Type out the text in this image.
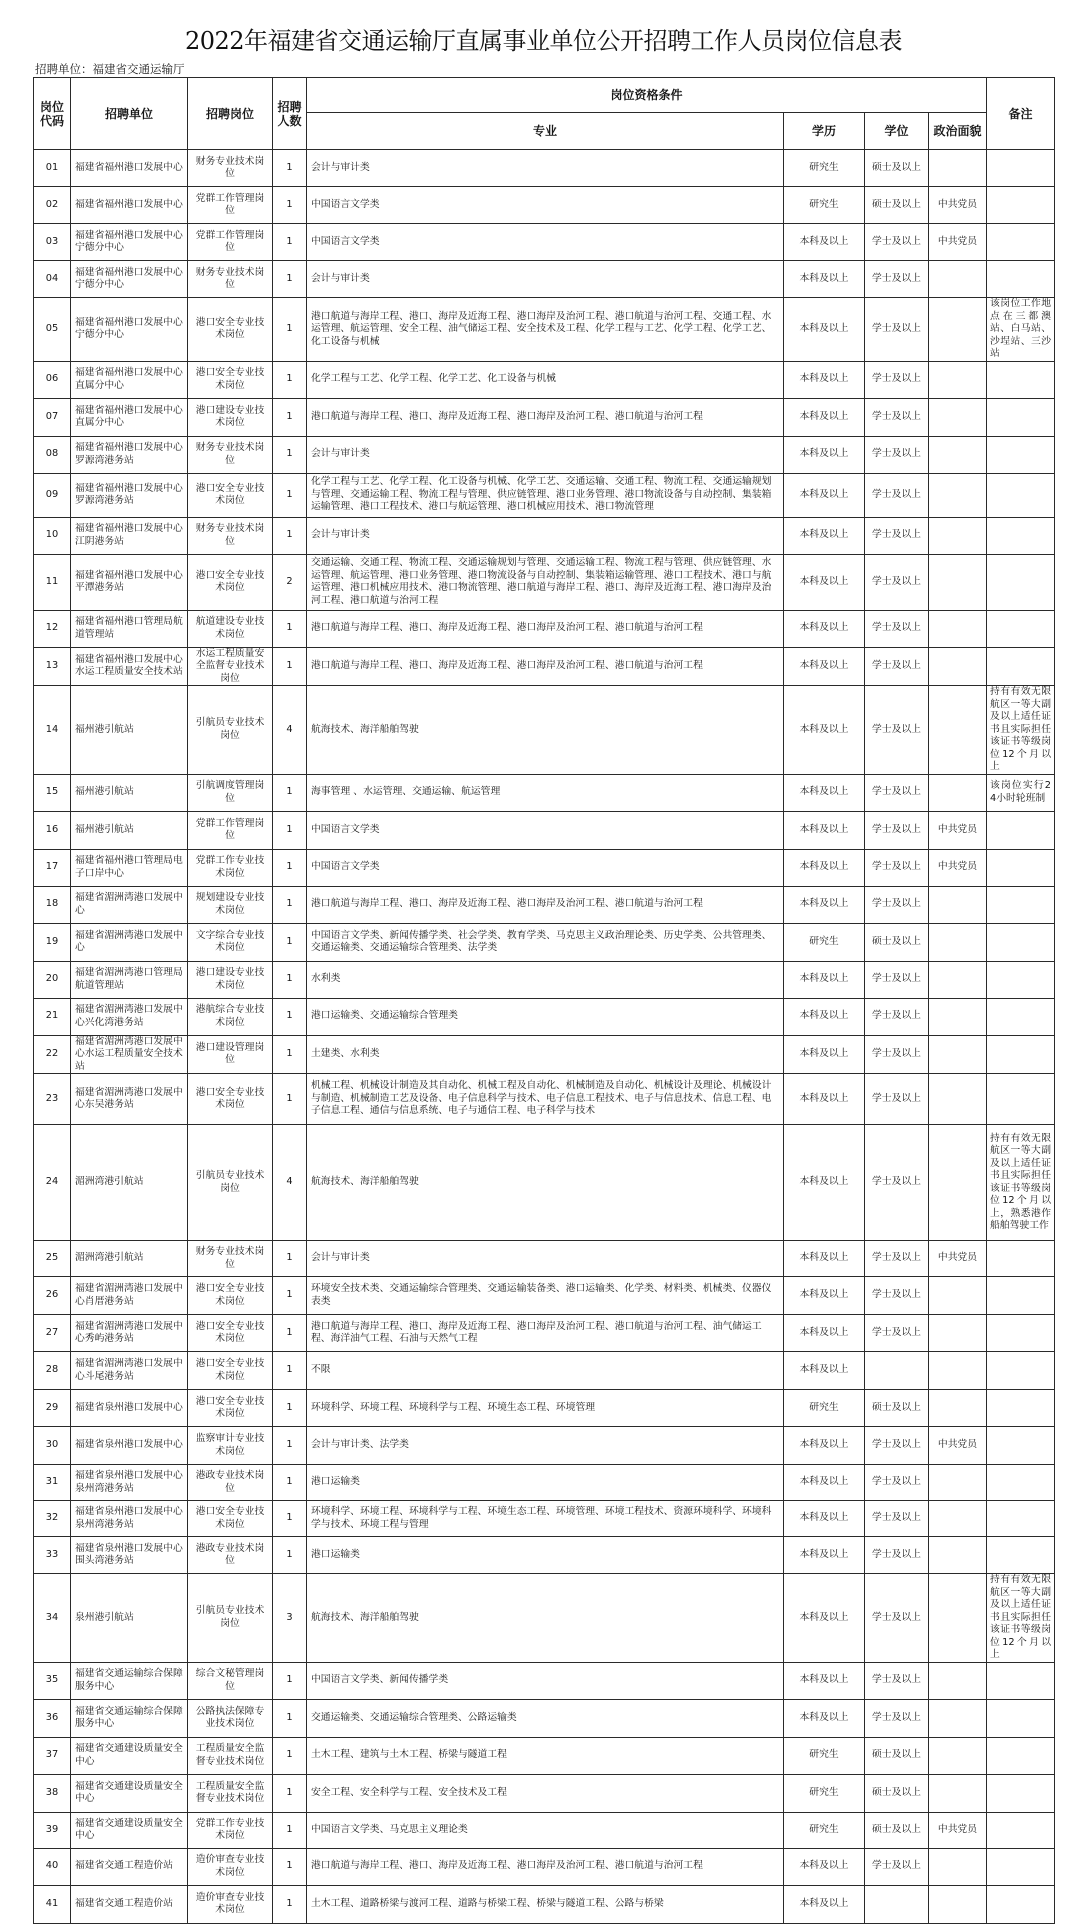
2022年福建省交通运输厅直属事业单位公开招聘工作人员岗位信息表
招聘单位：福建省交通运输厅
岗位代码	招聘单位	招聘岗位	招聘人数	岗位资格条件				备注
				专业	学历	学位	政治面貌	
01	福建省福州港口发展中心	财务专业技术岗位	1	会计与审计类	研究生	硕士及以上		
02	福建省福州港口发展中心	党群工作管理岗位	1	中国语言文学类	研究生	硕士及以上	中共党员	
03	福建省福州港口发展中心宁德分中心	党群工作管理岗位	1	中国语言文学类	本科及以上	学士及以上	中共党员	
04	福建省福州港口发展中心宁德分中心	财务专业技术岗位	1	会计与审计类	本科及以上	学士及以上		
05	福建省福州港口发展中心宁德分中心	港口安全专业技术岗位	1	港口航道与海岸工程、港口、海岸及近海工程、港口海岸及治河工程、港口航道与治河工程、交通工程、水运管理、航运管理、安全工程、油气储运工程、安全技术及工程、化学工程与工艺、化学工程、化学工艺、化工设备与机械	本科及以上	学士及以上		该岗位工作地点在三都澳站、白马站、沙埕站、三沙站
06	福建省福州港口发展中心直属分中心	港口安全专业技术岗位	1	化学工程与工艺、化学工程、化学工艺、化工设备与机械	本科及以上	学士及以上		
07	福建省福州港口发展中心直属分中心	港口建设专业技术岗位	1	港口航道与海岸工程、港口、海岸及近海工程、港口海岸及治河工程、港口航道与治河工程	本科及以上	学士及以上		
08	福建省福州港口发展中心罗源湾港务站	财务专业技术岗位	1	会计与审计类	本科及以上	学士及以上		
09	福建省福州港口发展中心罗源湾港务站	港口安全专业技术岗位	1	化学工程与工艺、化学工程、化工设备与机械、化学工艺、交通运输、交通工程、物流工程、交通运输规划与管理、交通运输工程、物流工程与管理、供应链管理、港口业务管理、港口物流设备与自动控制、集装箱运输管理、港口工程技术、港口与航运管理、港口机械应用技术、港口物流管理	本科及以上	学士及以上		
10	福建省福州港口发展中心江阴港务站	财务专业技术岗位	1	会计与审计类	本科及以上	学士及以上		
11	福建省福州港口发展中心平潭港务站	港口安全专业技术岗位	2	交通运输、交通工程、物流工程、交通运输规划与管理、交通运输工程、物流工程与管理、供应链管理、水运管理、航运管理、港口业务管理、港口物流设备与自动控制、集装箱运输管理、港口工程技术、港口与航运管理、港口机械应用技术、港口物流管理、港口航道与海岸工程、港口、海岸及近海工程、港口海岸及治河工程、港口航道与治河工程	本科及以上	学士及以上		
12	福建省福州港口管理局航道管理站	航道建设专业技术岗位	1	港口航道与海岸工程、港口、海岸及近海工程、港口海岸及治河工程、港口航道与治河工程	本科及以上	学士及以上		
13	福建省福州港口发展中心水运工程质量安全技术站	水运工程质量安全监督专业技术岗位	1	港口航道与海岸工程、港口、海岸及近海工程、港口海岸及治河工程、港口航道与治河工程	本科及以上	学士及以上		
14	福州港引航站	引航员专业技术岗位	4	航海技术、海洋船舶驾驶	本科及以上	学士及以上		持有有效无限航区一等大副及以上适任证书且实际担任该证书等级岗位12个月以上
15	福州港引航站	引航调度管理岗位	1	海事管理 、水运管理、交通运输、航运管理	本科及以上	学士及以上		该岗位实行24小时轮班制
16	福州港引航站	党群工作管理岗位	1	中国语言文学类	本科及以上	学士及以上	中共党员	
17	福建省福州港口管理局电子口岸中心	党群工作专业技术岗位	1	中国语言文学类	本科及以上	学士及以上	中共党员	
18	福建省湄洲湾港口发展中心	规划建设专业技术岗位	1	港口航道与海岸工程、港口、海岸及近海工程、港口海岸及治河工程、港口航道与治河工程	本科及以上	学士及以上		
19	福建省湄洲湾港口发展中心	文字综合专业技术岗位	1	中国语言文学类、新闻传播学类、社会学类、教育学类、马克思主义政治理论类、历史学类、公共管理类、交通运输类、交通运输综合管理类、法学类	研究生	硕士及以上		
20	福建省湄洲湾港口管理局航道管理站	港口建设专业技术岗位	1	水利类	本科及以上	学士及以上		
21	福建省湄洲湾港口发展中心兴化湾港务站	港航综合专业技术岗位	1	港口运输类、交通运输综合管理类	本科及以上	学士及以上		
22	福建省湄洲湾港口发展中心水运工程质量安全技术站	港口建设管理岗位	1	土建类、水利类	本科及以上	学士及以上		
23	福建省湄洲湾港口发展中心东吴港务站	港口安全专业技术岗位	1	机械工程、机械设计制造及其自动化、机械工程及自动化、机械制造及自动化、机械设计及理论、机械设计与制造、机械制造工艺及设备、电子信息科学与技术、电子信息工程技术、电子与信息技术、信息工程、电子信息工程、通信与信息系统、电子与通信工程、电子科学与技术	本科及以上	学士及以上		
24	湄洲湾港引航站	引航员专业技术岗位	4	航海技术、海洋船舶驾驶	本科及以上	学士及以上		持有有效无限航区一等大副及以上适任证书且实际担任该证书等级岗位12个月以上，熟悉港作船舶驾驶工作
25	湄洲湾港引航站	财务专业技术岗位	1	会计与审计类	本科及以上	学士及以上	中共党员	
26	福建省湄洲湾港口发展中心肖厝港务站	港口安全专业技术岗位	1	环境安全技术类、交通运输综合管理类、交通运输装备类、港口运输类、化学类、材料类、机械类、仪器仪表类	本科及以上	学士及以上		
27	福建省湄洲湾港口发展中心秀屿港务站	港口安全专业技术岗位	1	港口航道与海岸工程、港口、海岸及近海工程、港口海岸及治河工程、港口航道与治河工程、油气储运工程、海洋油气工程、石油与天然气工程	本科及以上	学士及以上		
28	福建省湄洲湾港口发展中心斗尾港务站	港口安全专业技术岗位	1	不限	本科及以上			
29	福建省泉州港口发展中心	港口安全专业技术岗位	1	环境科学、环境工程、环境科学与工程、环境生态工程、环境管理	研究生	硕士及以上		
30	福建省泉州港口发展中心	监察审计专业技术岗位	1	会计与审计类、法学类	本科及以上	学士及以上	中共党员	
31	福建省泉州港口发展中心泉州湾港务站	港政专业技术岗位	1	港口运输类	本科及以上	学士及以上		
32	福建省泉州港口发展中心泉州湾港务站	港口安全专业技术岗位	1	环境科学、环境工程、环境科学与工程、环境生态工程、环境管理、环境工程技术、资源环境科学、环境科学与技术、环境工程与管理	本科及以上	学士及以上		
33	福建省泉州港口发展中心围头湾港务站	港政专业技术岗位	1	港口运输类	本科及以上	学士及以上		
34	泉州港引航站	引航员专业技术岗位	3	航海技术、海洋船舶驾驶	本科及以上	学士及以上		持有有效无限航区一等大副及以上适任证书且实际担任该证书等级岗位12个月以上
35	福建省交通运输综合保障服务中心	综合文秘管理岗位	1	中国语言文学类、新闻传播学类	本科及以上	学士及以上		
36	福建省交通运输综合保障服务中心	公路执法保障专业技术岗位	1	交通运输类、交通运输综合管理类、公路运输类	本科及以上	学士及以上		
37	福建省交通建设质量安全中心	工程质量安全监督专业技术岗位	1	土木工程、建筑与土木工程、桥梁与隧道工程	研究生	硕士及以上		
38	福建省交通建设质量安全中心	工程质量安全监督专业技术岗位	1	安全工程、安全科学与工程、安全技术及工程	研究生	硕士及以上		
39	福建省交通建设质量安全中心	党群工作专业技术岗位	1	中国语言文学类、马克思主义理论类	研究生	硕士及以上	中共党员	
40	福建省交通工程造价站	造价审查专业技术岗位	1	港口航道与海岸工程、港口、海岸及近海工程、港口海岸及治河工程、港口航道与治河工程	本科及以上	学士及以上		
41	福建省交通工程造价站	造价审查专业技术岗位	1	土木工程、道路桥梁与渡河工程、道路与桥梁工程、桥梁与隧道工程、公路与桥梁	本科及以上			
